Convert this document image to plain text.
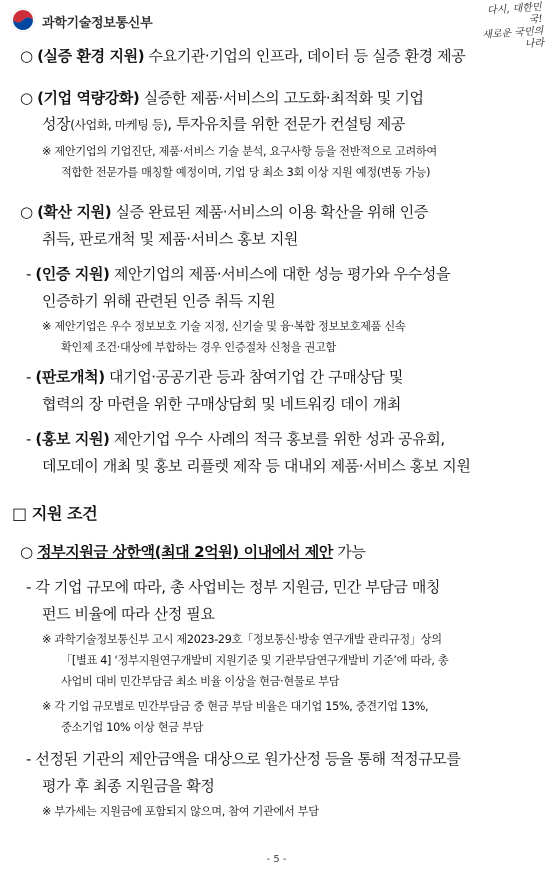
과학기술정보통신부
다시, 대한민국!
새로운 국민의 나라
○ (실증 환경 지원) 수요기관‧기업의 인프라, 데이터 등 실증 환경 제공
○ (기업 역량강화) 실증한 제품‧서비스의 고도화‧최적화 및 기업
성장(사업화, 마케팅 등), 투자유치를 위한 전문가 컨설팅 제공
※ 제안기업의 기업진단, 제품·서비스 기술 분석, 요구사항 등을 전반적으로 고려하여
적합한 전문가를 매칭할 예정이며, 기업 당 최소 3회 이상 지원 예정(변동 가능)
○ (확산 지원) 실증 완료된 제품‧서비스의 이용 확산을 위해 인증
취득, 판로개척 및 제품‧서비스 홍보 지원
- (인증 지원) 제안기업의 제품·서비스에 대한 성능 평가와 우수성을
인증하기 위해 관련된 인증 취득 지원
※ 제안기업은 우수 정보보호 기술 지정, 신기술 및 융·복합 정보보호제품 신속
확인제 조건·대상에 부합하는 경우 인증절차 신청을 권고함
- (판로개척) 대기업·공공기관 등과 참여기업 간 구매상담 및
협력의 장 마련을 위한 구매상담회 및 네트워킹 데이 개최
- (홍보 지원) 제안기업 우수 사례의 적극 홍보를 위한 성과 공유회,
데모데이 개최 및 홍보 리플렛 제작 등 대내외 제품·서비스 홍보 지원
□ 지원 조건
○ 정부지원금 상한액(최대 2억원) 이내에서 제안 가능
- 각 기업 규모에 따라, 총 사업비는 정부 지원금, 민간 부담금 매칭
펀드 비율에 따라 산정 필요
※ 과학기술정보통신부 고시 제2023-29호「정보통신·방송 연구개발 관리규정」상의
「[별표 4] ‘정부지원연구개발비 지원기준 및 기관부담연구개발비 기준’에 따라, 총
사업비 대비 민간부담금 최소 비율 이상을 현금·현물로 부담
※ 각 기업 규모별로 민간부담금 중 현금 부담 비율은 대기업 15%, 중견기업 13%,
중소기업 10% 이상 현금 부담
- 선정된 기관의 제안금액을 대상으로 원가산정 등을 통해 적정규모를
평가 후 최종 지원금을 확정
※ 부가세는 지원금에 포함되지 않으며, 참여 기관에서 부담
- 5 -
